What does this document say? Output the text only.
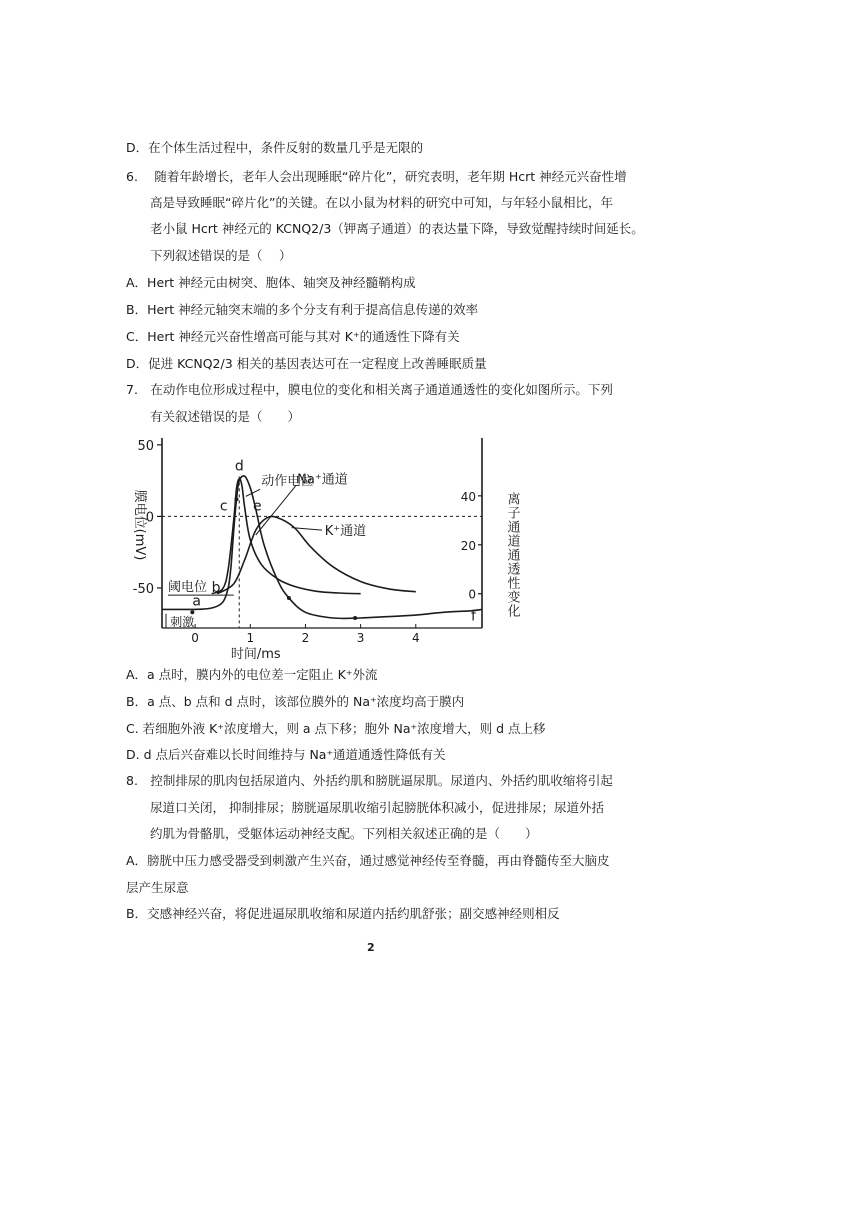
D．在个体生活过程中，条件反射的数量几乎是无限的
6.　 随着年龄增长，老年人会出现睡眠“碎片化”，研究表明，老年期 Hcrt 神经元兴奋性增
高是导致睡眠“碎片化”的关键。在以小鼠为材料的研究中可知，与年轻小鼠相比，年
老小鼠 Hcrt 神经元的 KCNQ2/3（钾离子通道）的表达量下降，导致觉醒持续时间延长。
下列叙述错误的是（　 ）
A．Hert 神经元由树突、胞体、轴突及神经髓鞘构成
B．Hert 神经元轴突末端的多个分支有利于提高信息传递的效率
C．Hert 神经元兴奋性增高可能与其对 K⁺的通透性下降有关
D．促进 KCNQ2/3 相关的基因表达可在一定程度上改善睡眠质量
7.　在动作电位形成过程中，膜电位的变化和相关离子通道通透性的变化如图所示。下列
有关叙述错误的是（　　）
A．a 点时，膜内外的电位差一定阻止 K⁺外流
B．a 点、b 点和 d 点时，该部位膜外的 Na⁺浓度均高于膜内
C. 若细胞外液 K⁺浓度增大，则 a 点下移；胞外 Na⁺浓度增大，则 d 点上移
D. d 点后兴奋难以长时间维持与 Na⁺通道通透性降低有关
8.　控制排尿的肌肉包括尿道内、外括约肌和膀胱逼尿肌。尿道内、外括约肌收缩将引起
尿道口关闭， 抑制排尿；膀胱逼尿肌收缩引起膀胱体积减小，促进排尿；尿道外括
约肌为骨骼肌，受躯体运动神经支配。下列相关叙述正确的是（　　）
A．膀胱中压力感受器受到刺激产生兴奋，通过感觉神经传至脊髓，再由脊髓传至大脑皮
层产生尿意
B．交感神经兴奋，将促进逼尿肌收缩和尿道内括约肌舒张；副交感神经则相反
2
50
0
-50
40
20
0
0	1	2	3	4
膜电位(mV)	离子通道通透性变化
时间/ms
阈电位
动作电位
Na⁺通道
K⁺通道
a
b
c
d
e
f
刺激
